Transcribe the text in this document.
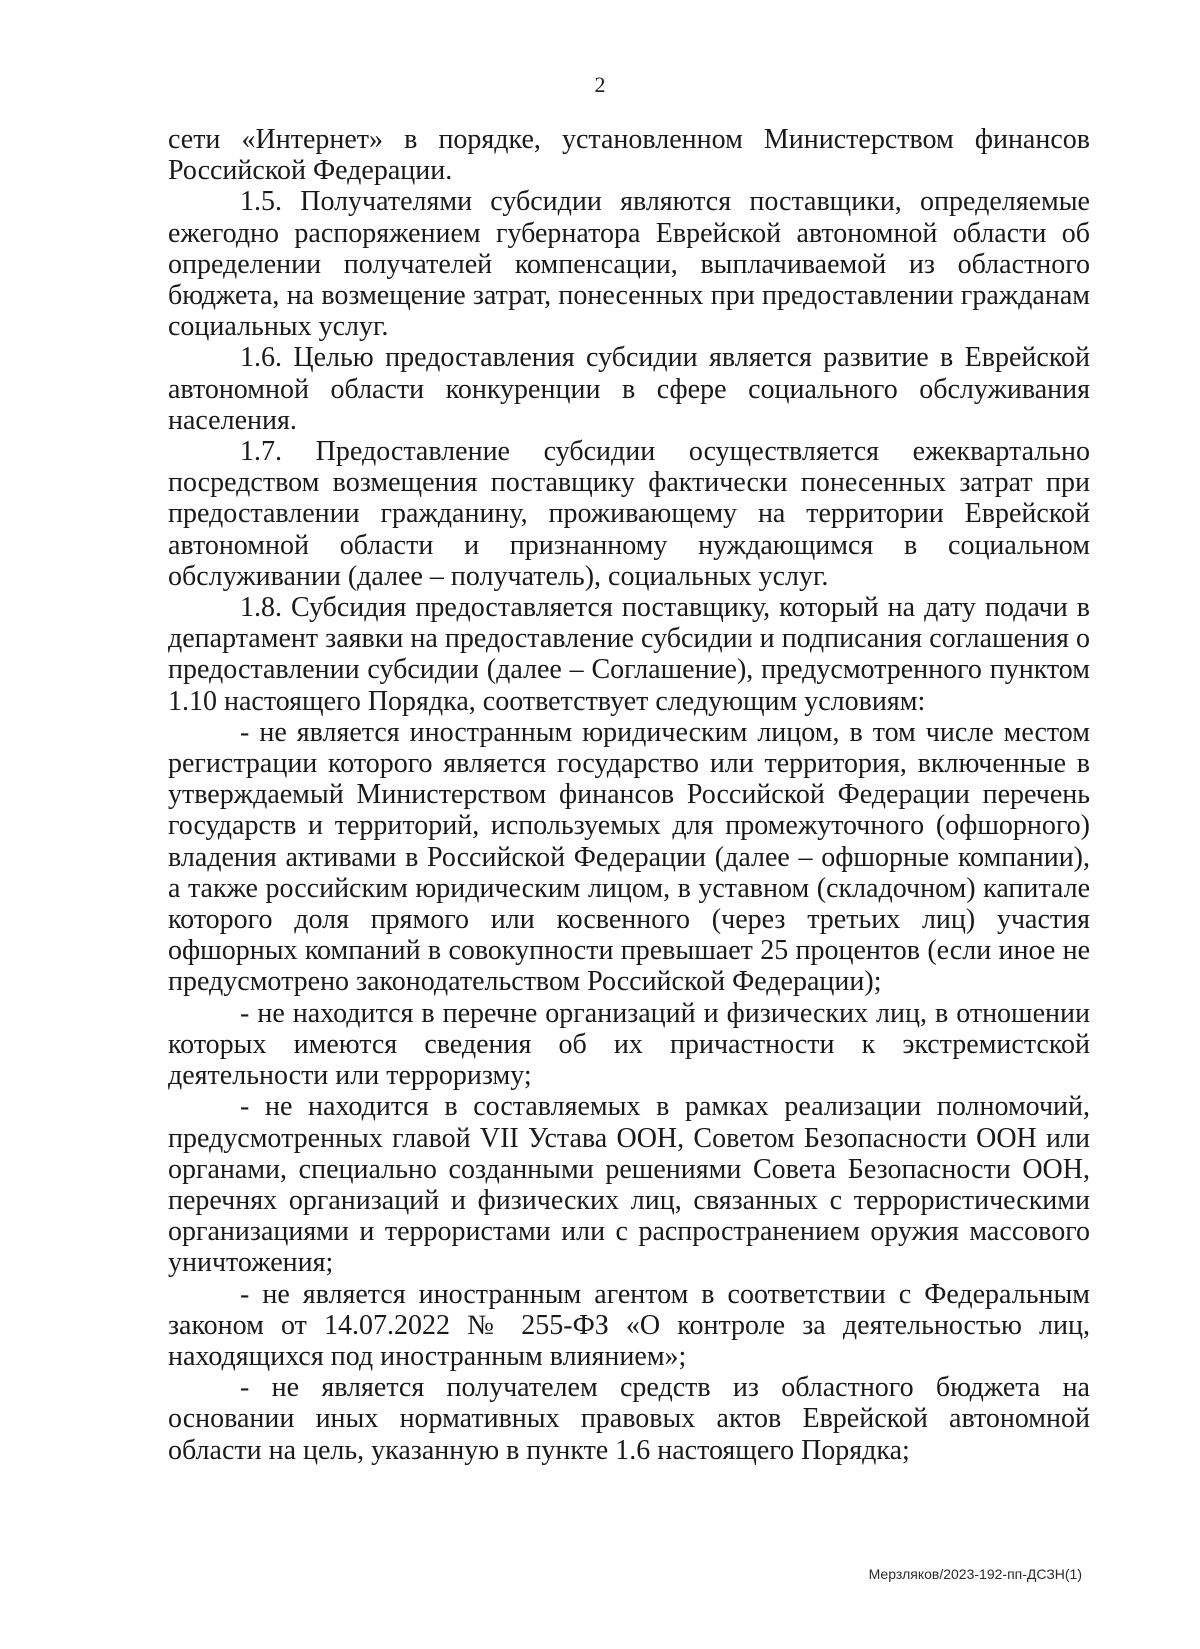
2

сети «Интернет» в порядке, установленном Министерством финансов Российской Федерации.

1.5. Получателями субсидии являются поставщики, определяемые ежегодно распоряжением губернатора Еврейской автономной области об определении получателей компенсации, выплачиваемой из областного бюджета, на возмещение затрат, понесенных при предоставлении гражданам социальных услуг.

1.6. Целью предоставления субсидии является развитие в Еврейской автономной области конкуренции в сфере социального обслуживания населения.

1.7. Предоставление субсидии осуществляется ежеквартально посредством возмещения поставщику фактически понесенных затрат при предоставлении гражданину, проживающему на территории Еврейской автономной области и признанному нуждающимся в социальном обслуживании (далее – получатель), социальных услуг.

1.8. Субсидия предоставляется поставщику, который на дату подачи в департамент заявки на предоставление субсидии и подписания соглашения о предоставлении субсидии (далее – Соглашение), предусмотренного пунктом 1.10 настоящего Порядка, соответствует следующим условиям:

- не является иностранным юридическим лицом, в том числе местом регистрации которого является государство или территория, включенные в утверждаемый Министерством финансов Российской Федерации перечень государств и территорий, используемых для промежуточного (офшорного) владения активами в Российской Федерации (далее – офшорные компании), а также российским юридическим лицом, в уставном (складочном) капитале которого доля прямого или косвенного (через третьих лиц) участия офшорных компаний в совокупности превышает 25 процентов (если иное не предусмотрено законодательством Российской Федерации);

- не находится в перечне организаций и физических лиц, в отношении которых имеются сведения об их причастности к экстремистской деятельности или терроризму;

- не находится в составляемых в рамках реализации полномочий, предусмотренных главой VII Устава ООН, Советом Безопасности ООН или органами, специально созданными решениями Совета Безопасности ООН, перечнях организаций и физических лиц, связанных с террористическими организациями и террористами или с распространением оружия массового уничтожения;

- не является иностранным агентом в соответствии с Федеральным законом от 14.07.2022 № 255-ФЗ «О контроле за деятельностью лиц, находящихся под иностранным влиянием»;

- не является получателем средств из областного бюджета на основании иных нормативных правовых актов Еврейской автономной области на цель, указанную в пункте 1.6 настоящего Порядка;

Мерзляков/2023-192-пп-ДСЗН(1)
